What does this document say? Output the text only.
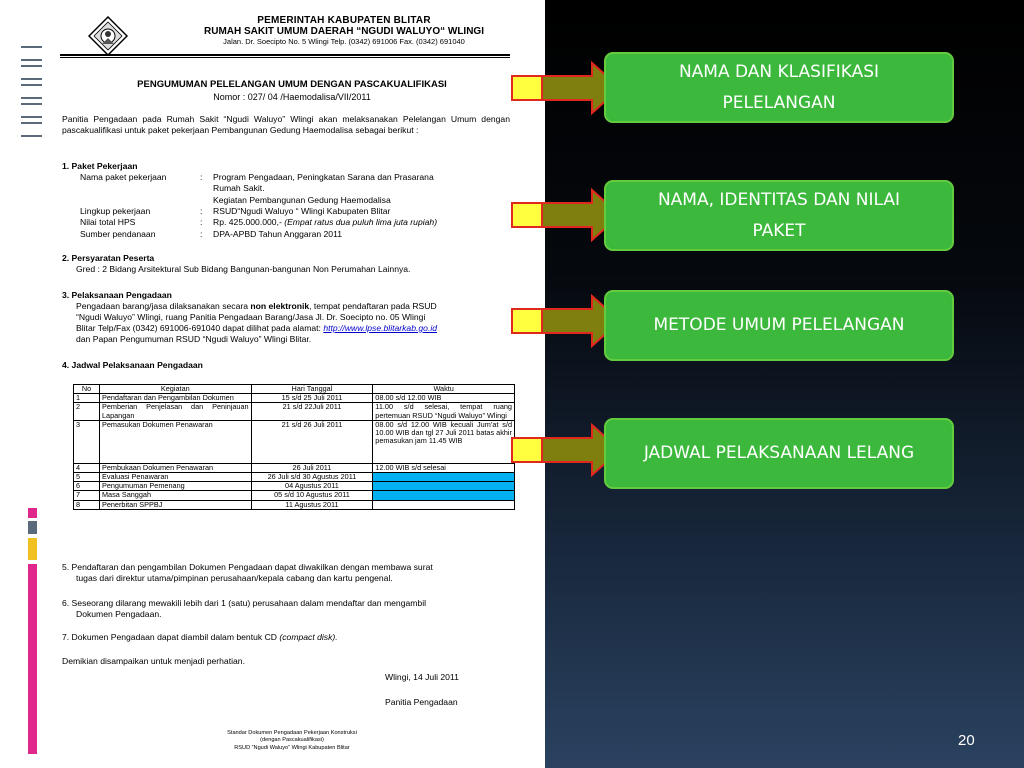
PEMERINTAH KABUPATEN BLITAR
RUMAH SAKIT UMUM DAERAH “NGUDI WALUYO“ WLINGI
Jalan. Dr. Soecipto No. 5 Wlingi Telp. (0342) 691006 Fax. (0342) 691040
PENGUMUMAN PELELANGAN UMUM DENGAN PASCAKUALIFIKASI
Nomor : 027/ 04 /Haemodalisa/VII/2011
Panitia Pengadaan pada Rumah Sakit “Ngudi Waluyo” Wlingi akan melaksanakan Pelelangan Umum dengan pascakualifikasi untuk paket pekerjaan Pembangunan Gedung Haemodalisa sebagai berikut :
1. Paket Pekerjaan
Nama paket pekerjaan	: Program Pengadaan, Peningkatan Sarana dan Prasarana
Rumah Sakit.
Kegiatan Pembangunan Gedung Haemodalisa
Lingkup pekerjaan	: RSUD“Ngudi Waluyo “ Wlingi Kabupaten Blitar
Nilai total HPS	: Rp. 425.000.000,- (Empat ratus dua puluh lima juta rupiah)
Sumber pendanaan	: DPA-APBD Tahun Anggaran 2011
2. Persyaratan Peserta
Gred : 2 Bidang Arsitektural Sub Bidang Bangunan-bangunan Non Perumahan Lainnya.
3. Pelaksanaan Pengadaan
Pengadaan barang/jasa dilaksanakan secara non elektronik, tempat pendaftaran pada RSUD
“Ngudi Waluyo” Wlingi, ruang Panitia Pengadaan Barang/Jasa Jl. Dr. Soecipto no. 05 Wlingi
Blitar Telp/Fax (0342) 691006-691040 dapat dilihat pada alamat: http://www.lpse.blitarkab.go.id
dan Papan Pengumuman RSUD “Ngudi Waluyo” Wlingi Blitar.
4. Jadwal Pelaksanaan Pengadaan
No	Kegiatan	Hari Tanggal	Waktu
1	Pendaftaran dan Pengambilan Dokumen	15 s/d 25 Juli 2011	08.00 s/d 12.00 WIB
2	Pemberian Penjelasan dan Peninjauan Lapangan	21 s/d 22Juli 2011	11.00 s/d selesai, tempat ruang pertemuan RSUD “Ngudi Waluyo” Wlingi
3	Pemasukan Dokumen Penawaran	21 s/d 26 Juli 2011	08.00 s/d 12.00 WIB kecuali Jum’at s/d 10.00 WIB dan tgl 27 Juli 2011 batas akhir pemasukan jam 11.45 WIB
4	Pembukaan Dokumen Penawaran	26 Juli 2011	12.00 WIB s/d selesai
5	Evaluasi Penawaran	26 Juli s/d 30 Agustus 2011	
6	Pengumuman Pemenang	04 Agustus 2011	
7	Masa Sanggah	05 s/d 10 Agustus 2011	
8	Penerbitan SPPBJ	11 Agustus 2011	
5. Pendaftaran dan pengambilan Dokumen Pengadaan dapat diwakilkan dengan membawa surat
tugas dari direktur utama/pimpinan perusahaan/kepala cabang dan kartu pengenal.
6. Seseorang dilarang mewakili lebih dari 1 (satu) perusahaan dalam mendaftar dan mengambil
Dokumen Pengadaan.
7. Dokumen Pengadaan dapat diambil dalam bentuk CD (compact disk).
Demikian disampaikan untuk menjadi perhatian.
Wlingi, 14 Juli 2011
Panitia Pengadaan
Standar Dokumen Pengadaan Pekerjaan Konstruksi
(dengan Pascakualifikasi)
RSUD “Ngudi Waluyo” Wlingi Kabupaten Blitar
NAMA DAN KLASIFIKASI PELELANGAN
NAMA, IDENTITAS DAN NILAI PAKET
METODE UMUM PELELANGAN
JADWAL PELAKSANAAN LELANG
20
